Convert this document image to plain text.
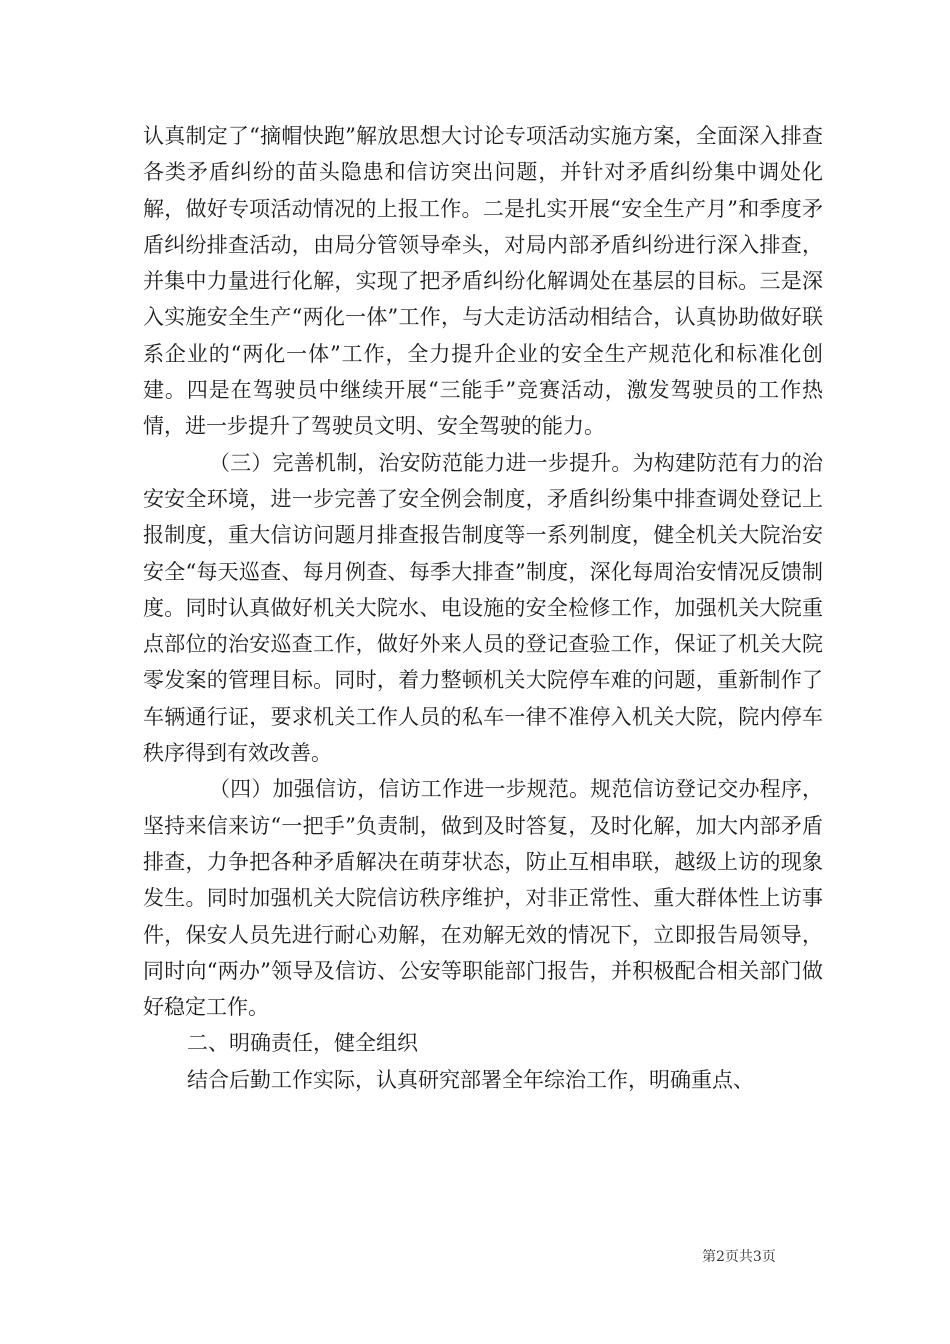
认真制定了“摘帽快跑”解放思想大讨论专项活动实施方案，全面深入排查各类矛盾纠纷的苗头隐患和信访突出问题，并针对矛盾纠纷集中调处化解，做好专项活动情况的上报工作。二是扎实开展“安全生产月”和季度矛盾纠纷排查活动，由局分管领导牵头，对局内部矛盾纠纷进行深入排查，并集中力量进行化解，实现了把矛盾纠纷化解调处在基层的目标。三是深入实施安全生产“两化一体”工作，与大走访活动相结合，认真协助做好联系企业的“两化一体”工作，全力提升企业的安全生产规范化和标准化创建。四是在驾驶员中继续开展“三能手”竞赛活动，激发驾驶员的工作热情，进一步提升了驾驶员文明、安全驾驶的能力。

（三）完善机制，治安防范能力进一步提升。为构建防范有力的治安安全环境，进一步完善了安全例会制度，矛盾纠纷集中排查调处登记上报制度，重大信访问题月排查报告制度等一系列制度，健全机关大院治安安全“每天巡查、每月例查、每季大排查”制度，深化每周治安情况反馈制度。同时认真做好机关大院水、电设施的安全检修工作，加强机关大院重点部位的治安巡查工作，做好外来人员的登记查验工作，保证了机关大院零发案的管理目标。同时，着力整顿机关大院停车难的问题，重新制作了车辆通行证，要求机关工作人员的私车一律不准停入机关大院，院内停车秩序得到有效改善。

（四）加强信访，信访工作进一步规范。规范信访登记交办程序，坚持来信来访“一把手”负责制，做到及时答复，及时化解，加大内部矛盾排查，力争把各种矛盾解决在萌芽状态，防止互相串联，越级上访的现象发生。同时加强机关大院信访秩序维护，对非正常性、重大群体性上访事件，保安人员先进行耐心劝解，在劝解无效的情况下，立即报告局领导，同时向“两办”领导及信访、公安等职能部门报告，并积极配合相关部门做好稳定工作。

二、明确责任，健全组织

结合后勤工作实际，认真研究部署全年综治工作，明确重点、

第2页共3页
